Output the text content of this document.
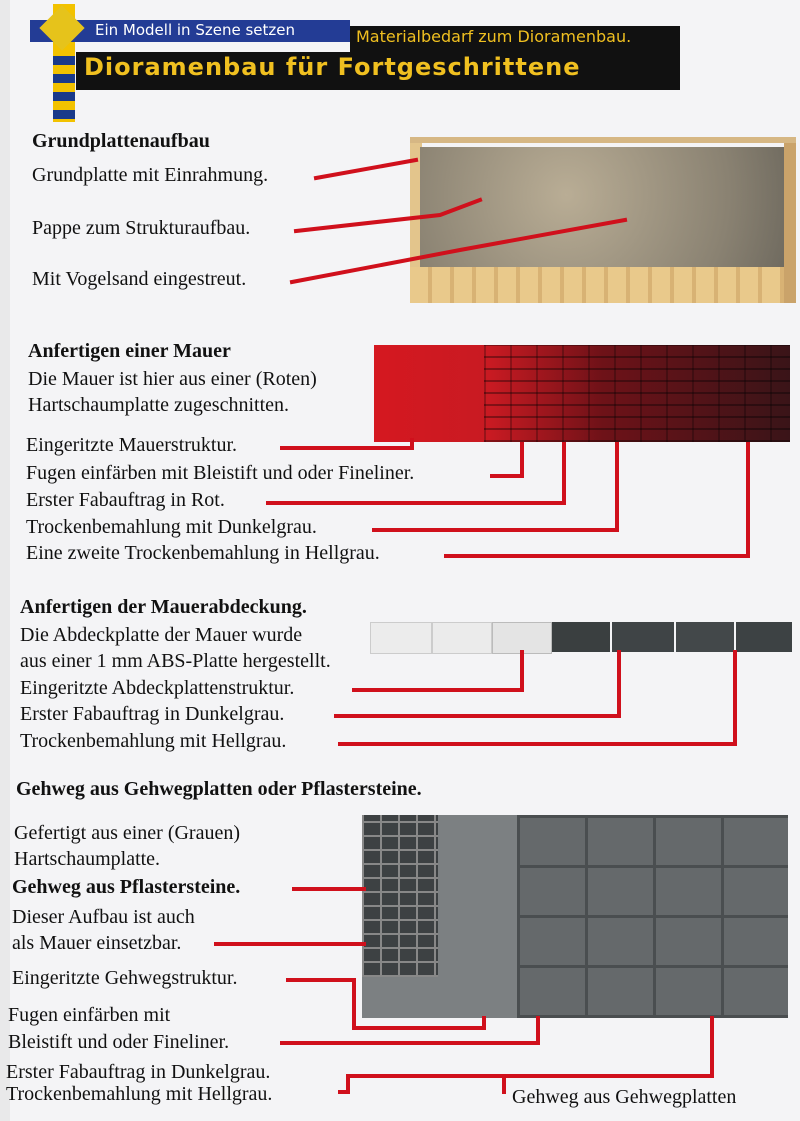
Ein Modell in Szene setzen	Materialbedarf zum Dioramenbau.
Dioramenbau für Fortgeschrittene
Grundplattenaufbau
Grundplatte mit Einrahmung.
Pappe zum Strukturaufbau.
Mit Vogelsand eingestreut.
Anfertigen einer Mauer
Die Mauer ist hier aus einer (Roten)
Hartschaumplatte zugeschnitten.
Eingeritzte Mauerstruktur.
Fugen einfärben mit Bleistift und oder Fineliner.
Erster Fabauftrag in Rot.
Trockenbemahlung mit Dunkelgrau.
Eine zweite Trockenbemahlung in Hellgrau.
Anfertigen der Mauerabdeckung.
Die Abdeckplatte der Mauer wurde
aus einer 1 mm ABS-Platte hergestellt.
Eingeritzte Abdeckplattenstruktur.
Erster Fabauftrag in Dunkelgrau.
Trockenbemahlung mit Hellgrau.
Gehweg aus Gehwegplatten oder Pflastersteine.
Gefertigt aus einer (Grauen)
Hartschaumplatte.
Gehweg aus Pflastersteine.
Dieser Aufbau ist auch
als Mauer einsetzbar.
Eingeritzte Gehwegstruktur.
Fugen einfärben mit
Bleistift und oder Fineliner.
Erster Fabauftrag in Dunkelgrau.
Trockenbemahlung mit Hellgrau.	Gehweg aus Gehwegplatten
